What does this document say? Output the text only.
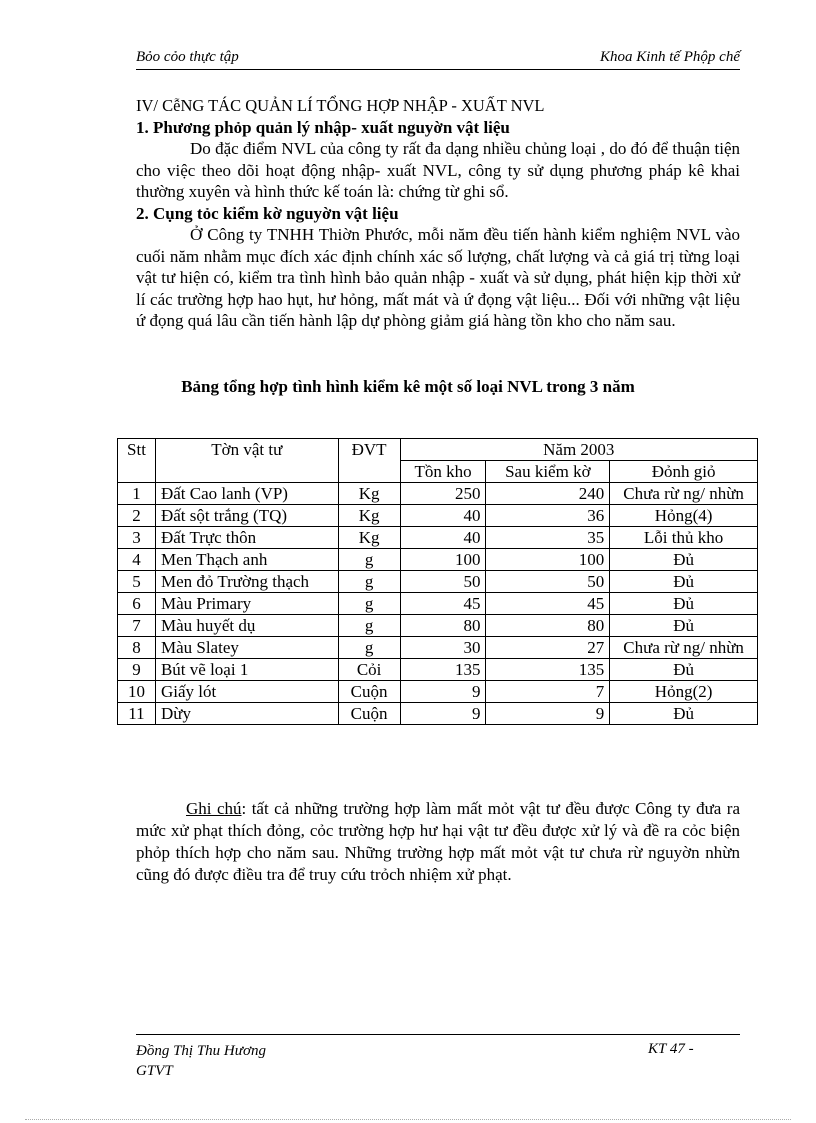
Bỏo cỏo thực tập	Khoa Kinh tế Phộp chế

IV/ CễNG TÁC QUẢN LÍ TỔNG HỢP NHẬP - XUẤT NVL

1. Phương phỏp quản lý nhập- xuất nguyờn vật liệu

Do đặc điểm NVL của công ty rất đa dạng nhiều chủng loại , do đó để thuận tiện cho việc theo dõi hoạt động nhập- xuất NVL, công ty sử dụng phương pháp kê khai thường xuyên và hình thức kế toán là: chứng từ ghi sổ.

2. Cụng tỏc kiểm kờ nguyờn vật liệu

Ở Công ty TNHH Thiờn Phước, mỗi năm đều tiến hành kiểm nghiệm NVL vào cuối năm nhằm mục đích xác định chính xác số lượng, chất lượng và cả giá trị từng loại vật tư hiện có, kiểm tra tình hình bảo quản nhập - xuất và sử dụng, phát hiện kịp thời xử lí các trường hợp hao hụt, hư hỏng, mất mát và ứ đọng vật liệu... Đối với những vật liệu ứ đọng quá lâu cần tiến hành lập dự phòng giảm giá hàng tồn kho cho năm sau.

Bảng tổng hợp tình hình kiểm kê một số loại NVL trong 3 năm
Stt	Tờn vật tư	ĐVT	Năm 2003		
			Tồn kho	Sau kiểm kờ	Đỏnh giỏ
1	Đất Cao lanh (VP)	Kg	250	240	Chưa rừ ng/ nhừn
2	Đất sột trắng (TQ)	Kg	40	36	Hỏng(4)
3	Đất Trực thôn	Kg	40	35	Lỗi thủ kho
4	Men Thạch anh	g	100	100	Đủ
5	Men đỏ Trường thạch	g	50	50	Đủ
6	Màu Primary	g	45	45	Đủ
7	Màu huyết dụ	g	80	80	Đủ
8	Màu Slatey	g	30	27	Chưa rừ ng/ nhừn
9	Bút vẽ loại 1	Cỏi	135	135	Đủ
10	Giấy lót	Cuộn	9	7	Hỏng(2)
11	Dừy	Cuộn	9	9	Đủ
Ghi chú: tất cả những trường hợp làm mất mỏt vật tư đều được Công ty đưa ra mức xử phạt thích đỏng, cỏc trường hợp hư hại vật tư đều được xử lý và đề ra cỏc biện phỏp thích hợp cho năm sau. Những trường hợp mất mỏt vật tư chưa rừ nguyờn nhừn cũng đó được điều tra để truy cứu trỏch nhiệm xử phạt.
Đồng Thị Thu Hương
GTVT
KT 47 -
